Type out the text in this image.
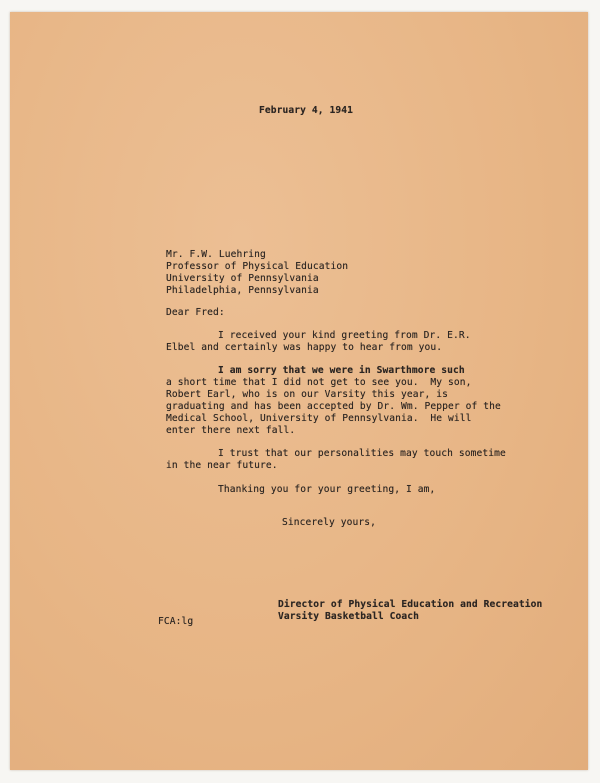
February 4, 1941
Mr. F.W. Luehring
Professor of Physical Education
University of Pennsylvania
Philadelphia, Pennsylvania
Dear Fred:
I received your kind greeting from Dr. E.R.
Elbel and certainly was happy to hear from you.
I am sorry that we were in Swarthmore such
a short time that I did not get to see you.  My son,
Robert Earl, who is on our Varsity this year, is
graduating and has been accepted by Dr. Wm. Pepper of the
Medical School, University of Pennsylvania.  He will
enter there next fall.
I trust that our personalities may touch sometime
in the near future.
Thanking you for your greeting, I am,
Sincerely yours,
Director of Physical Education and Recreation
Varsity Basketball Coach
FCA:lg
